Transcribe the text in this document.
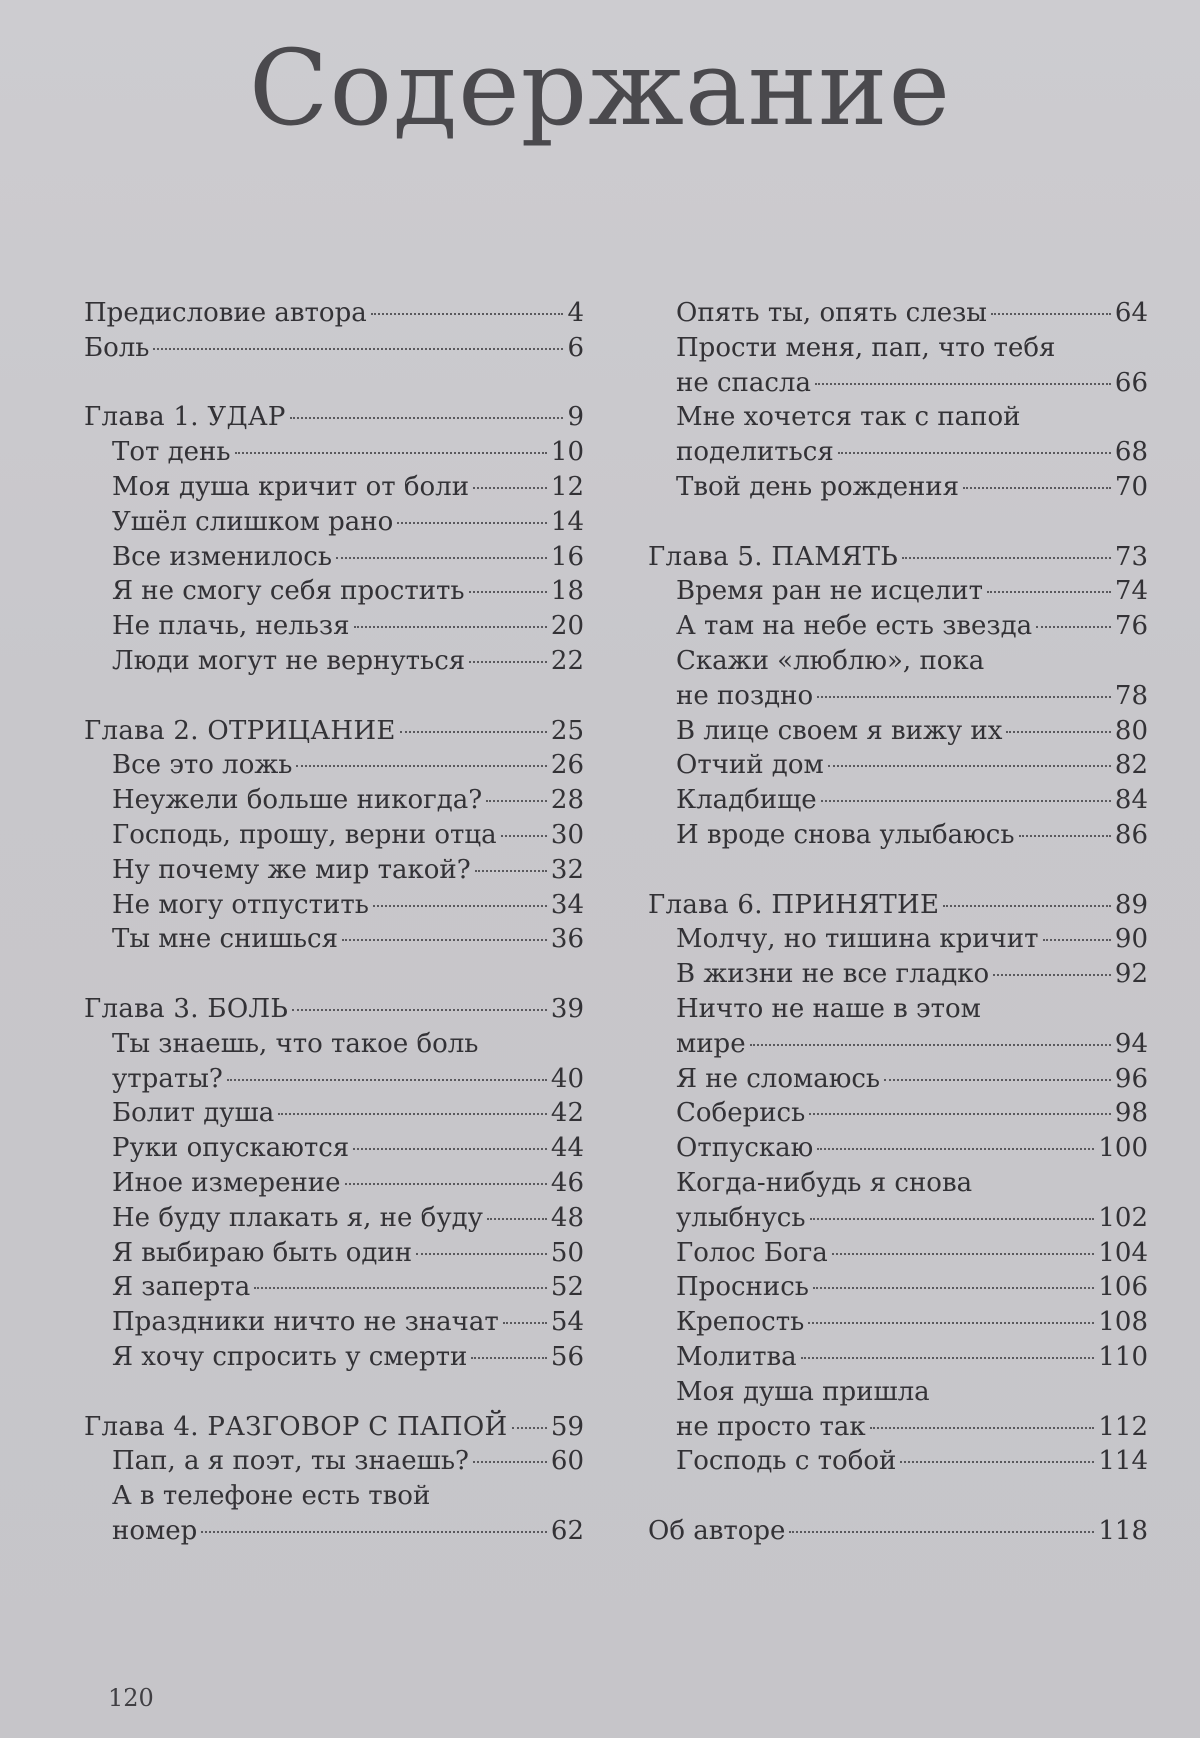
Содержание
Предисловие автора	4
Боль	6
Глава 1. УДАР	9
Тот день	10
Моя душа кричит от боли	12
Ушёл слишком рано	14
Все изменилось	16
Я не смогу себя простить	18
Не плачь, нельзя	20
Люди могут не вернуться	22
Глава 2. ОТРИЦАНИЕ	25
Все это ложь	26
Неужели больше никогда?	28
Господь, прошу, верни отца 30
Ну почему же мир такой?	32
Не могу отпустить	34
Ты мне снишься	36
Глава 3. БОЛЬ	39
Ты знаешь, что такое боль
утраты?	40
Болит душа	42
Руки опускаются	44
Иное измерение	46
Не буду плакать я, не буду	48
Я выбираю быть один	50
Я заперта	52
Праздники ничто не значат 54
Я хочу спросить у смерти	56
Глава 4. РАЗГОВОР С ПАПОЙ 59
Пап, а я поэт, ты знаешь?	60
А в телефоне есть твой
номер	62
Опять ты, опять слезы	64
Прости меня, пап, что тебя
не спасла	66
Мне хочется так с папой
поделиться	68
Твой день рождения	70
Глава 5. ПАМЯТЬ	73
Время ран не исцелит	74
А там на небе есть звезда	76
Скажи «люблю», пока
не поздно	78
В лице своем я вижу их	80
Отчий дом	82
Кладбище	84
И вроде снова улыбаюсь	86
Глава 6. ПРИНЯТИЕ	89
Молчу, но тишина кричит	90
В жизни не все гладко	92
Ничто не наше в этом
мире	94
Я не сломаюсь	96
Соберись	98
Отпускаю	100
Когда-нибудь я снова
улыбнусь	102
Голос Бога	104
Проснись	106
Крепость	108
Молитва	110
Моя душа пришла
не просто так	112
Господь с тобой	114
Об авторе	118
120
